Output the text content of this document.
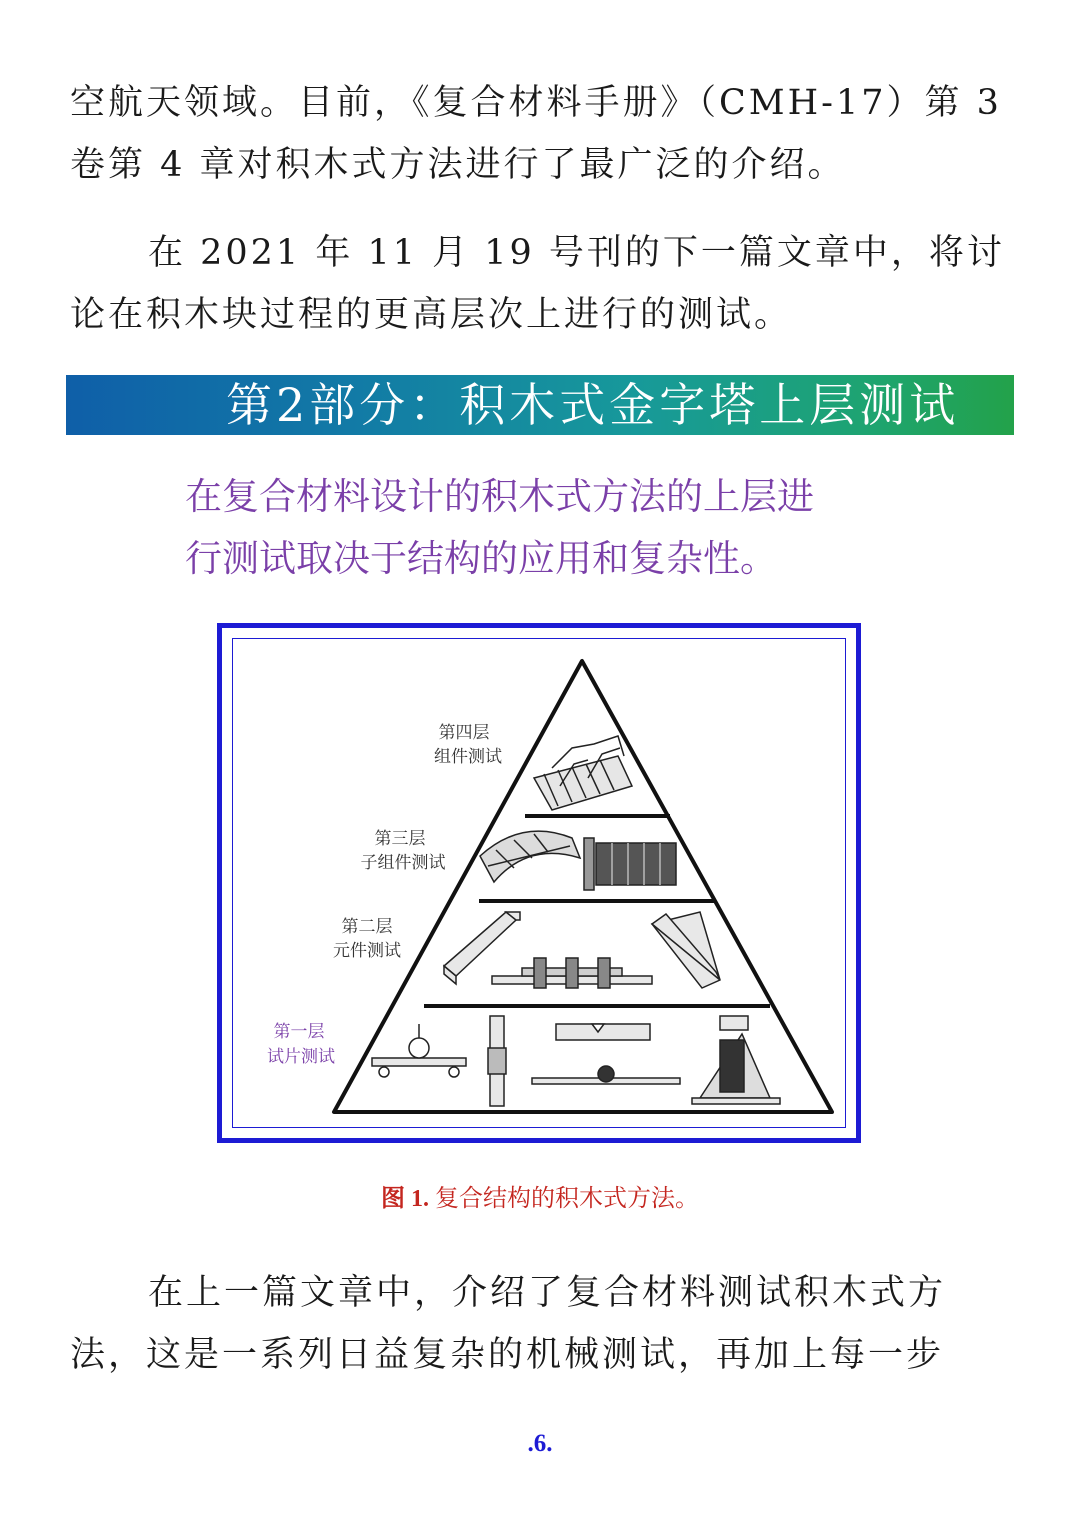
空航天领域。目前，《复合材料手册》（CMH-17）第 3 卷第 4 章对积木式方法进行了最广泛的介绍。

在 2021 年 11 月 19 号刊的下一篇文章中，将讨论在积木块过程的更高层次上进行的测试。

第2部分：积木式金字塔上层测试
在复合材料设计的积木式方法的上层进
行测试取决于结构的应用和复杂性。
第四层
组件测试
第三层
子组件测试
第二层
元件测试
第一层
试片测试
图 1. 复合结构的积木式方法。

在上一篇文章中，介绍了复合材料测试积木式方法，这是一系列日益复杂的机械测试，再加上每一步

.6.
